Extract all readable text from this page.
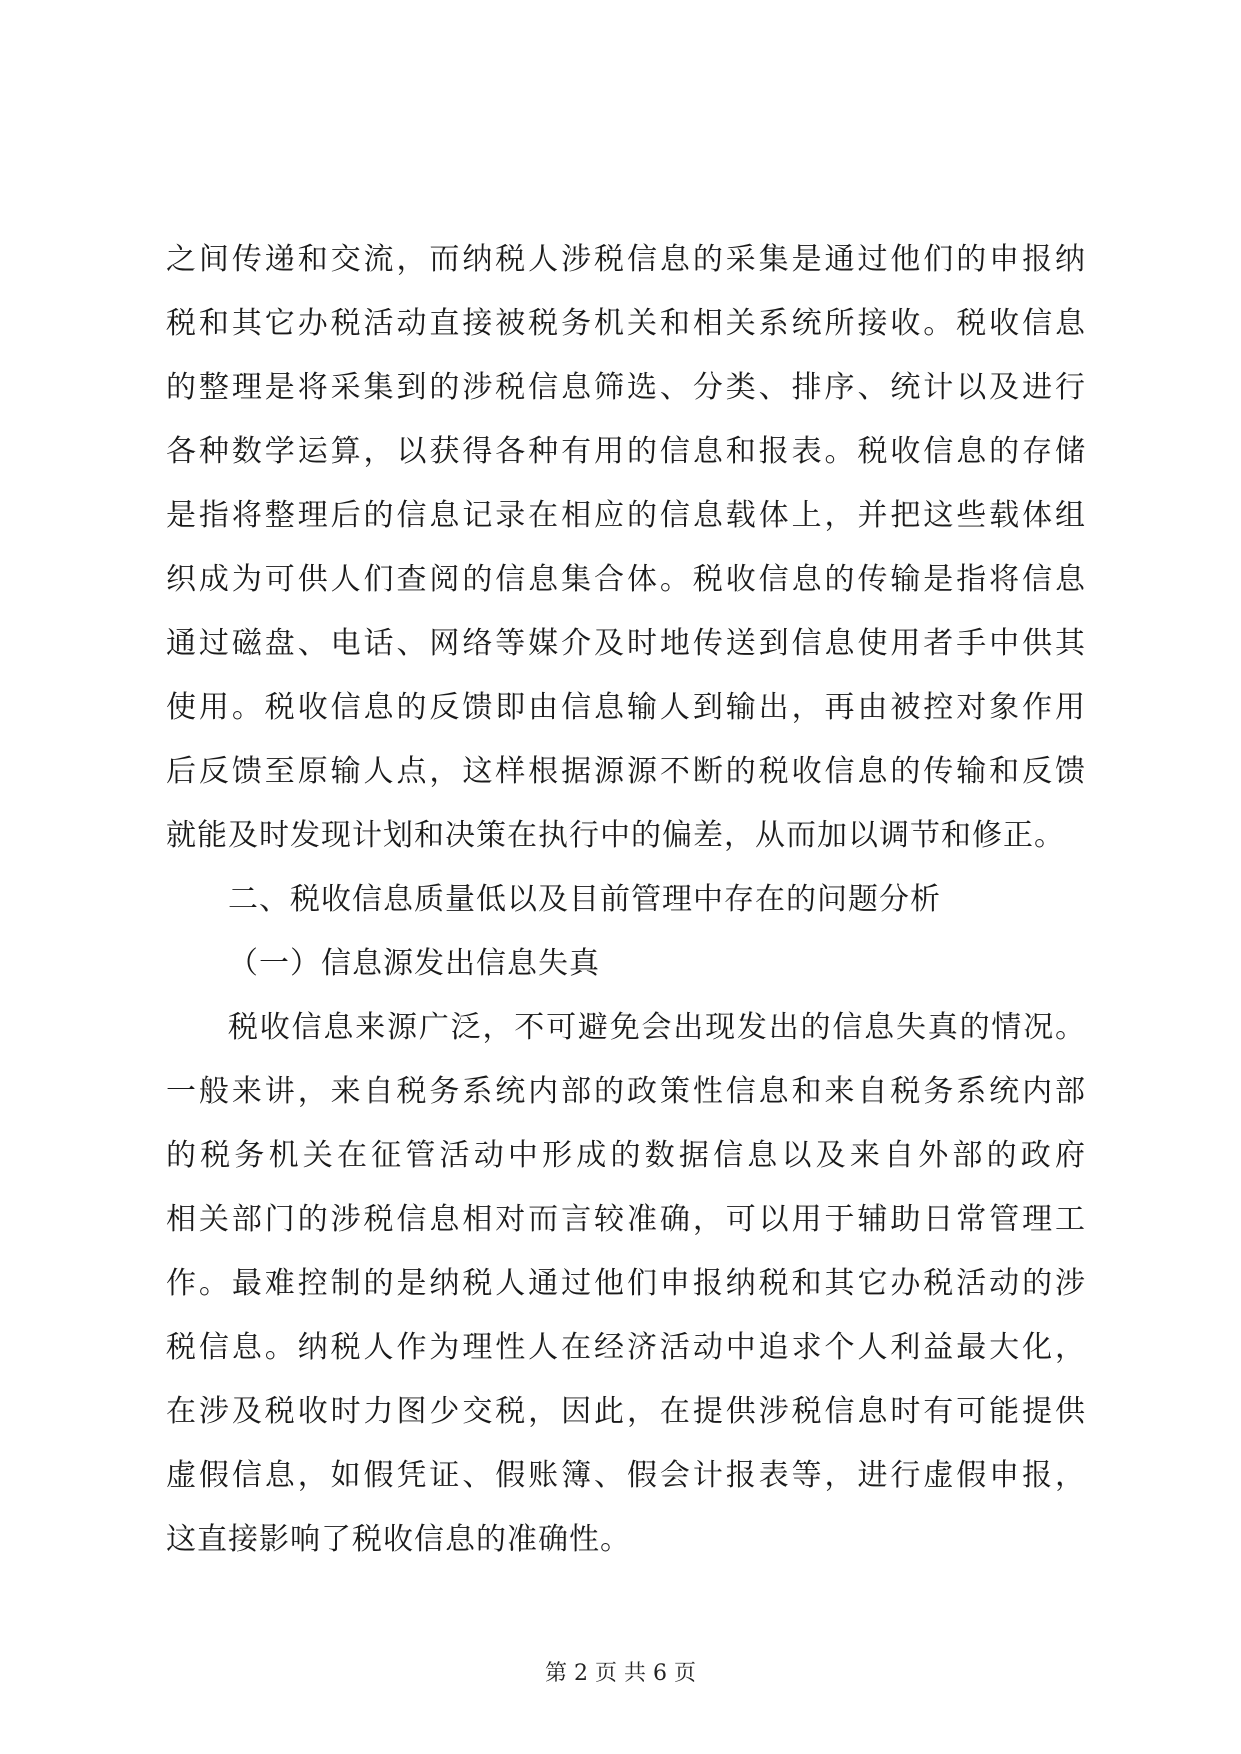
之间传递和交流，而纳税人涉税信息的采集是通过他们的申报纳
税和其它办税活动直接被税务机关和相关系统所接收。税收信息
的整理是将采集到的涉税信息筛选、分类、排序、统计以及进行
各种数学运算，以获得各种有用的信息和报表。税收信息的存储
是指将整理后的信息记录在相应的信息载体上，并把这些载体组
织成为可供人们查阅的信息集合体。税收信息的传输是指将信息
通过磁盘、电话、网络等媒介及时地传送到信息使用者手中供其
使用。税收信息的反馈即由信息输人到输出，再由被控对象作用
后反馈至原输人点，这样根据源源不断的税收信息的传输和反馈
就能及时发现计划和决策在执行中的偏差，从而加以调节和修正。
二、税收信息质量低以及目前管理中存在的问题分析
（一）信息源发出信息失真
税收信息来源广泛，不可避免会出现发出的信息失真的情况。
一般来讲，来自税务系统内部的政策性信息和来自税务系统内部
的税务机关在征管活动中形成的数据信息以及来自外部的政府
相关部门的涉税信息相对而言较准确，可以用于辅助日常管理工
作。最难控制的是纳税人通过他们申报纳税和其它办税活动的涉
税信息。纳税人作为理性人在经济活动中追求个人利益最大化，
在涉及税收时力图少交税，因此，在提供涉税信息时有可能提供
虚假信息，如假凭证、假账簿、假会计报表等，进行虚假申报，
这直接影响了税收信息的准确性。
第 2 页 共 6 页
